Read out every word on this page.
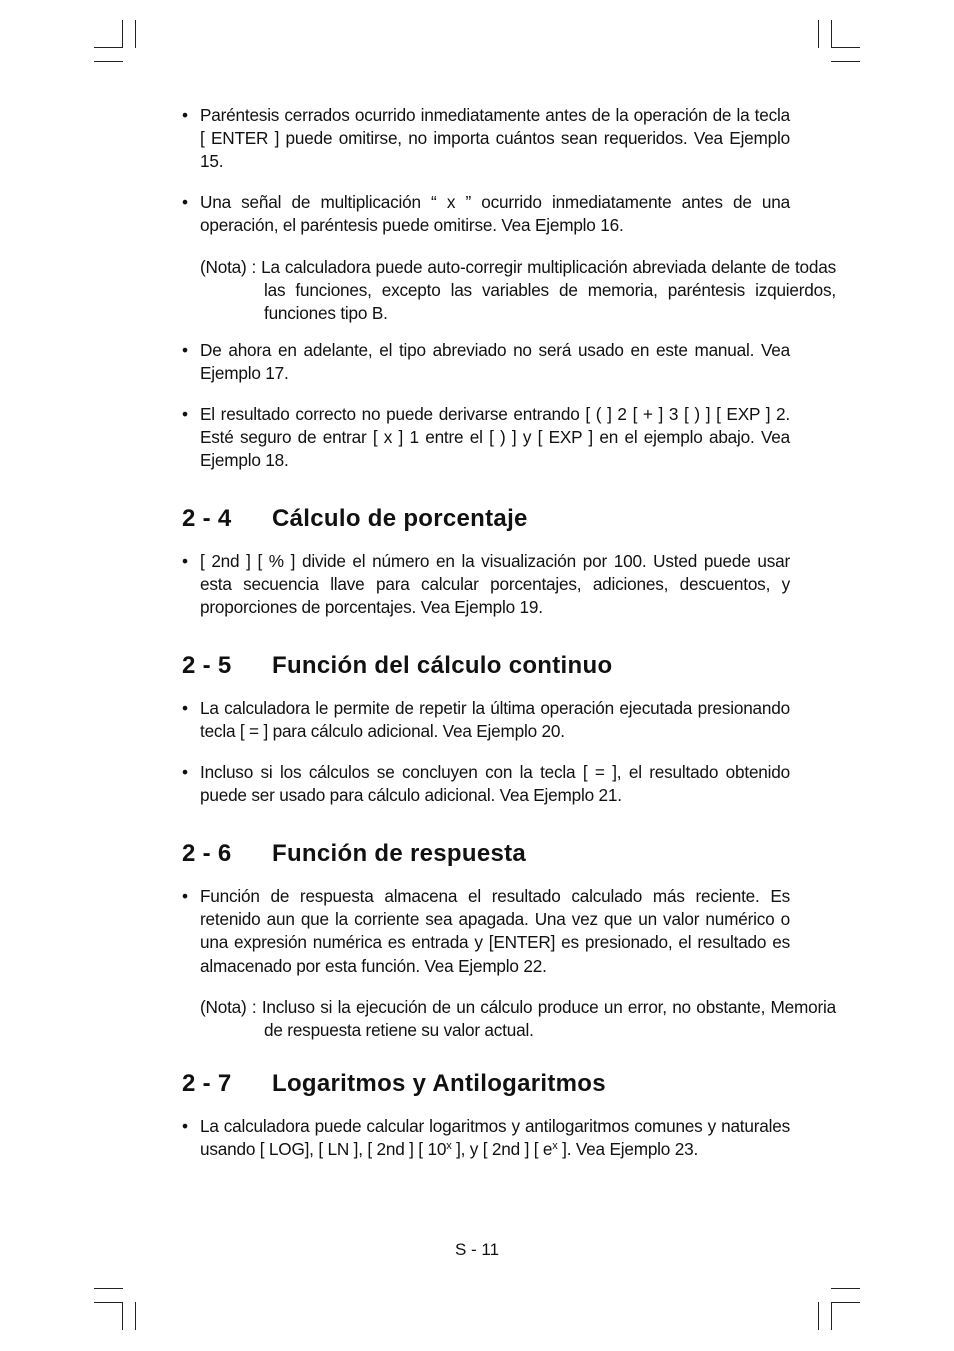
• Paréntesis cerrados ocurrido inmediatamente antes de la operación de la tecla [ ENTER ] puede omitirse, no importa cuántos sean requeridos. Vea Ejemplo 15.
• Una señal de multiplicación “ x ” ocurrido inmediatamente antes de una operación, el paréntesis puede omitirse. Vea Ejemplo 16.
(Nota) : La calculadora puede auto-corregir multiplicación abreviada delante de todas las funciones, excepto las variables de memoria, paréntesis izquierdos, funciones tipo B.
• De ahora en adelante, el tipo abreviado no será usado en este manual. Vea Ejemplo 17.
• El resultado correcto no puede derivarse entrando [ ( ] 2 [ + ] 3 [ ) ] [ EXP ] 2. Esté seguro de entrar [ x ] 1 entre el [ ) ] y [ EXP ] en el ejemplo abajo. Vea Ejemplo 18.
2 - 4 Cálculo de porcentaje
• [ 2nd ] [ % ] divide el número en la visualización por 100. Usted puede usar esta secuencia llave para calcular porcentajes, adiciones, descuentos, y proporciones de porcentajes. Vea Ejemplo 19.
2 - 5 Función del cálculo continuo
• La calculadora le permite de repetir la última operación ejecutada presionando tecla [ = ] para cálculo adicional. Vea Ejemplo 20.
• Incluso si los cálculos se concluyen con la tecla [ = ], el resultado obtenido puede ser usado para cálculo adicional. Vea Ejemplo 21.
2 - 6 Función de respuesta
• Función de respuesta almacena el resultado calculado más reciente. Es retenido aun que la corriente sea apagada. Una vez que un valor numérico o una expresión numérica es entrada y [ENTER] es presionado, el resultado es almacenado por esta función. Vea Ejemplo 22.
(Nota) : Incluso si la ejecución de un cálculo produce un error, no obstante, Memoria de respuesta retiene su valor actual.
2 - 7 Logaritmos y Antilogaritmos
• La calculadora puede calcular logaritmos y antilogaritmos comunes y naturales usando [ LOG], [ LN ], [ 2nd ] [ 10$^x$ ], y [ 2nd ] [ $e^x$ ]. Vea Ejemplo 23.
S - 11
